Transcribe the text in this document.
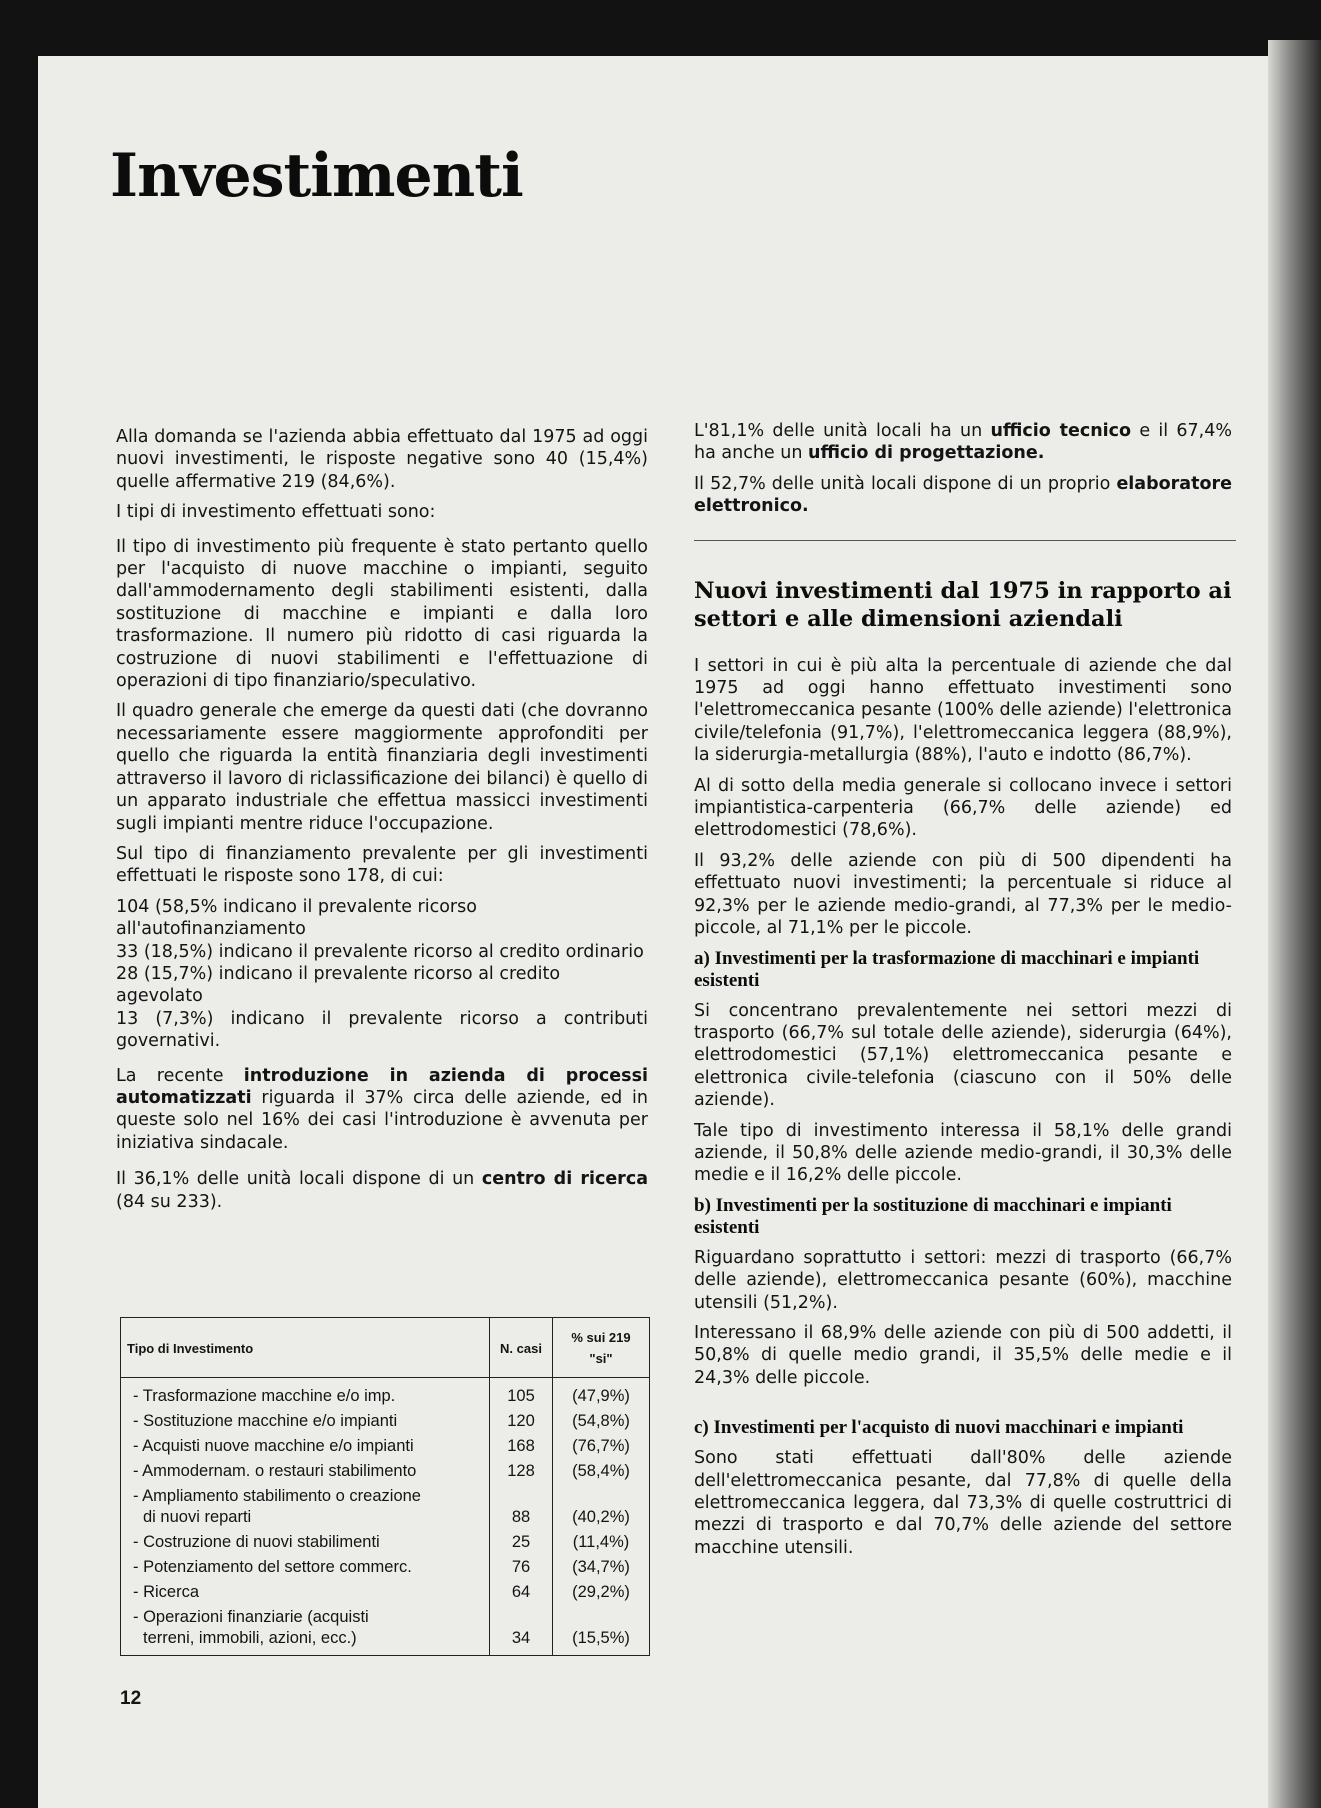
Investimenti

Alla domanda se l'azienda abbia effettuato dal 1975 ad oggi nuovi investimenti, le risposte negative sono 40 (15,4%) quelle affermative 219 (84,6%).

I tipi di investimento effettuati sono:

Il tipo di investimento più frequente è stato pertanto quello per l'acquisto di nuove macchine o impianti, seguito dall'ammodernamento degli stabilimenti esistenti, dalla sostituzione di macchine e impianti e dalla loro trasformazione. Il numero più ridotto di casi riguarda la costruzione di nuovi stabilimenti e l'effettuazione di operazioni di tipo finanziario/speculativo.

Il quadro generale che emerge da questi dati (che dovranno necessariamente essere maggiormente approfonditi per quello che riguarda la entità finanziaria degli investimenti attraverso il lavoro di riclassificazione dei bilanci) è quello di un apparato industriale che effettua massicci investimenti sugli impianti mentre riduce l'occupazione.

Sul tipo di finanziamento prevalente per gli investimenti effettuati le risposte sono 178, di cui:

104 (58,5% indicano il prevalente ricorso all'autofinanziamento

33 (18,5%) indicano il prevalente ricorso al credito ordinario

28 (15,7%) indicano il prevalente ricorso al credito agevolato

13 (7,3%) indicano il prevalente ricorso a contributi governativi.

La recente introduzione in azienda di processi automatizzati riguarda il 37% circa delle aziende, ed in queste solo nel 16% dei casi l'introduzione è avvenuta per iniziativa sindacale.

Il 36,1% delle unità locali dispone di un centro di ricerca (84 su 233).

Tipo di Investimento	N. casi	% sui 219 "si"
- Trasformazione macchine e/o imp.	105	(47,9%)
- Sostituzione macchine e/o impianti	120	(54,8%)
- Acquisti nuove macchine e/o impianti	168	(76,7%)
- Ammodernam. o restauri stabilimento	128	(58,4%)
- Ampliamento stabilimento o creazione
di nuovi reparti	88	(40,2%)
- Costruzione di nuovi stabilimenti	25	(11,4%)
- Potenziamento del settore commerc.	76	(34,7%)
- Ricerca	64	(29,2%)
- Operazioni finanziarie (acquisti
terreni, immobili, azioni, ecc.)	34	(15,5%)

L'81,1% delle unità locali ha un ufficio tecnico e il 67,4% ha anche un ufficio di progettazione.

Il 52,7% delle unità locali dispone di un proprio elaboratore elettronico.

Nuovi investimenti dal 1975 in rapporto ai settori e alle dimensioni aziendali

I settori in cui è più alta la percentuale di aziende che dal 1975 ad oggi hanno effettuato investimenti sono l'elettromeccanica pesante (100% delle aziende) l'elettronica civile/telefonia (91,7%), l'elettromeccanica leggera (88,9%), la siderurgia-metallurgia (88%), l'auto e indotto (86,7%).

Al di sotto della media generale si collocano invece i settori impiantistica-carpenteria (66,7% delle aziende) ed elettrodomestici (78,6%).

Il 93,2% delle aziende con più di 500 dipendenti ha effettuato nuovi investimenti; la percentuale si riduce al 92,3% per le aziende medio-grandi, al 77,3% per le medio-piccole, al 71,1% per le piccole.

a) Investimenti per la trasformazione di macchinari e impianti esistenti

Si concentrano prevalentemente nei settori mezzi di trasporto (66,7% sul totale delle aziende), siderurgia (64%), elettrodomestici (57,1%) elettromeccanica pesante e elettronica civile-telefonia (ciascuno con il 50% delle aziende).

Tale tipo di investimento interessa il 58,1% delle grandi aziende, il 50,8% delle aziende medio-grandi, il 30,3% delle medie e il 16,2% delle piccole.

b) Investimenti per la sostituzione di macchinari e impianti esistenti

Riguardano soprattutto i settori: mezzi di trasporto (66,7% delle aziende), elettromeccanica pesante (60%), macchine utensili (51,2%).

Interessano il 68,9% delle aziende con più di 500 addetti, il 50,8% di quelle medio grandi, il 35,5% delle medie e il 24,3% delle piccole.

c) Investimenti per l'acquisto di nuovi macchinari e impianti

Sono stati effettuati dall'80% delle aziende dell'elettromeccanica pesante, dal 77,8% di quelle della elettromeccanica leggera, dal 73,3% di quelle costruttrici di mezzi di trasporto e dal 70,7% delle aziende del settore macchine utensili.

12
